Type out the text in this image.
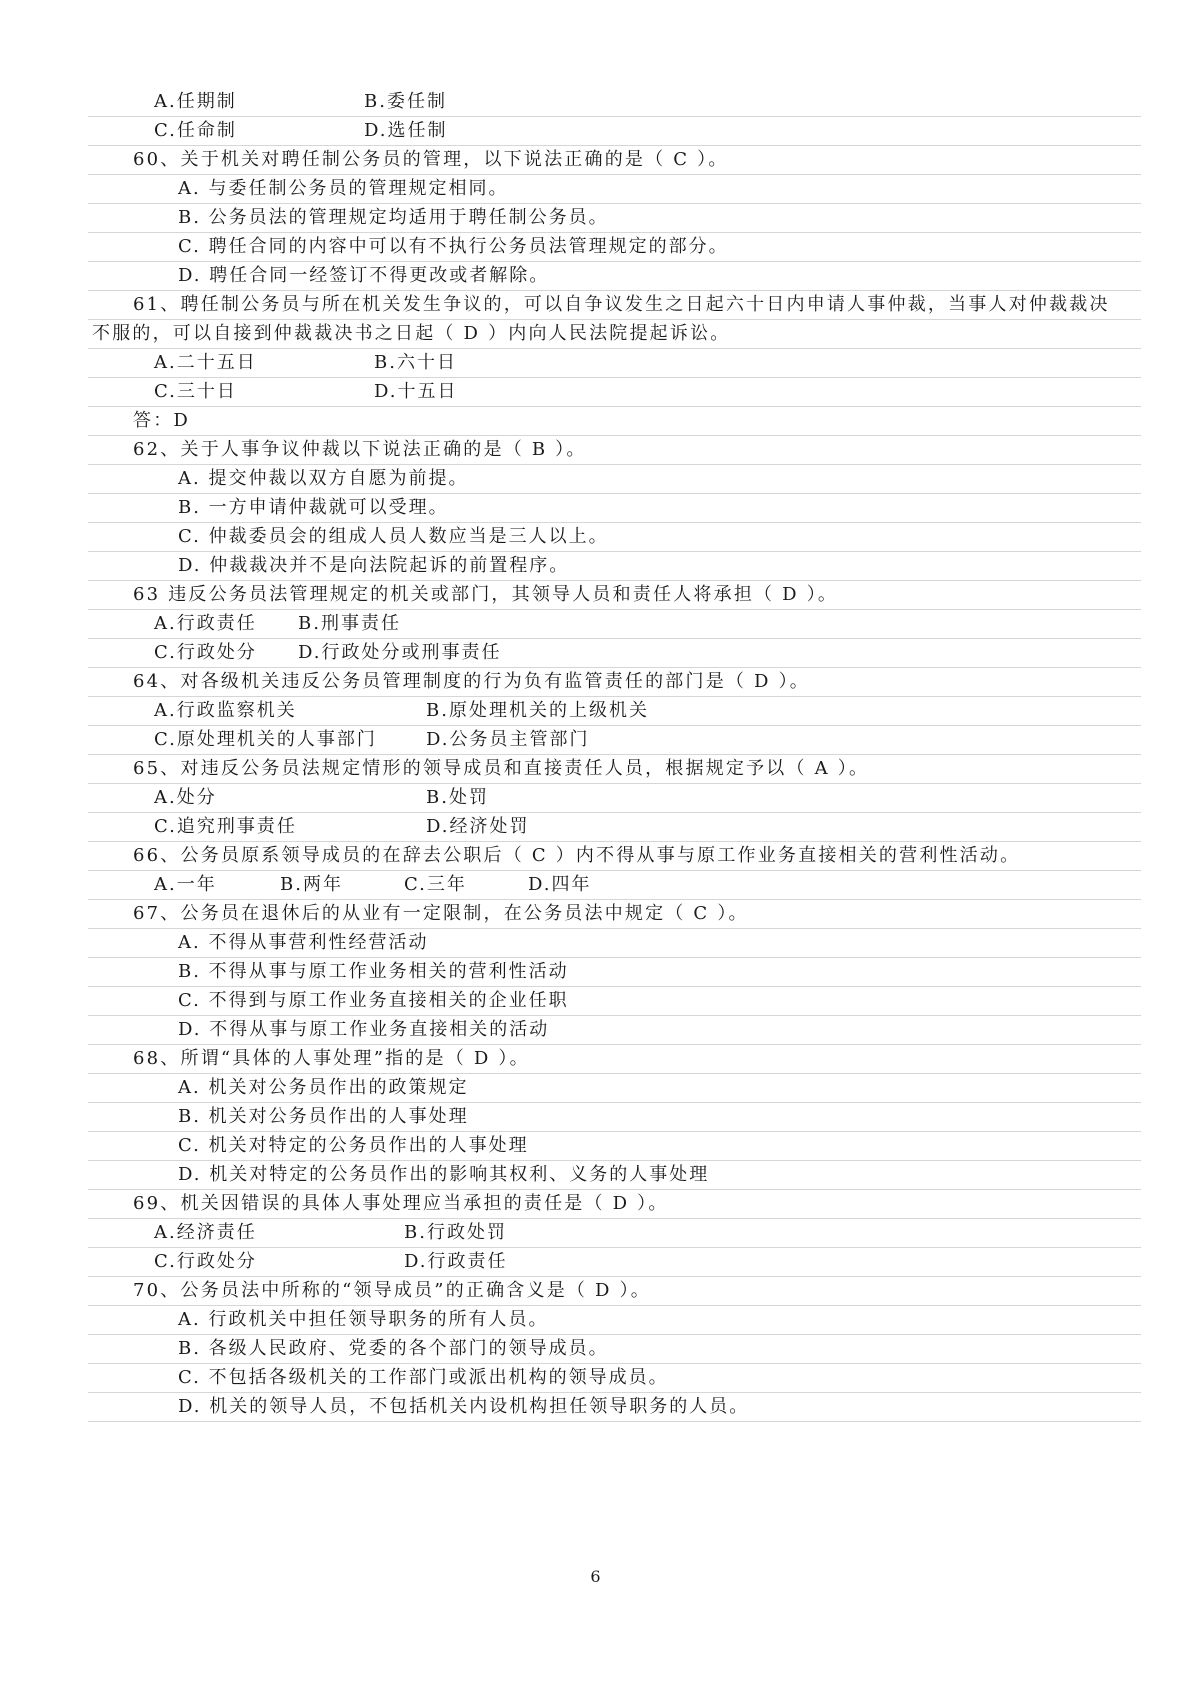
A.任期制	B.委任制
C.任命制	D.选任制
60、关于机关对聘任制公务员的管理，以下说法正确的是（ C ）。
A. 与委任制公务员的管理规定相同。
B. 公务员法的管理规定均适用于聘任制公务员。
C. 聘任合同的内容中可以有不执行公务员法管理规定的部分。
D. 聘任合同一经签订不得更改或者解除。
61、聘任制公务员与所在机关发生争议的，可以自争议发生之日起六十日内申请人事仲裁，当事人对仲裁裁决
不服的，可以自接到仲裁裁决书之日起（ D ）内向人民法院提起诉讼。
A.二十五日	B.六十日
C.三十日	D.十五日
答：D
62、关于人事争议仲裁以下说法正确的是（ B ）。
A. 提交仲裁以双方自愿为前提。
B. 一方申请仲裁就可以受理。
C. 仲裁委员会的组成人员人数应当是三人以上。
D. 仲裁裁决并不是向法院起诉的前置程序。
63 违反公务员法管理规定的机关或部门，其领导人员和责任人将承担（ D ）。
A.行政责任 B.刑事责任
C.行政处分 D.行政处分或刑事责任
64、对各级机关违反公务员管理制度的行为负有监管责任的部门是（ D ）。
A.行政监察机关	B.原处理机关的上级机关
C.原处理机关的人事部门	D.公务员主管部门
65、对违反公务员法规定情形的领导成员和直接责任人员，根据规定予以（ A ）。
A.处分	B.处罚
C.追究刑事责任	D.经济处罚
66、公务员原系领导成员的在辞去公职后（ C ）内不得从事与原工作业务直接相关的营利性活动。
A.一年	B.两年	C.三年	D.四年
67、公务员在退休后的从业有一定限制，在公务员法中规定（ C ）。
A. 不得从事营利性经营活动
B. 不得从事与原工作业务相关的营利性活动
C. 不得到与原工作业务直接相关的企业任职
D. 不得从事与原工作业务直接相关的活动
68、所谓“具体的人事处理”指的是（ D ）。
A. 机关对公务员作出的政策规定
B. 机关对公务员作出的人事处理
C. 机关对特定的公务员作出的人事处理
D. 机关对特定的公务员作出的影响其权利、义务的人事处理
69、机关因错误的具体人事处理应当承担的责任是（ D ）。
A.经济责任	B.行政处罚
C.行政处分	D.行政责任
70、公务员法中所称的“领导成员”的正确含义是（ D ）。
A. 行政机关中担任领导职务的所有人员。
B. 各级人民政府、党委的各个部门的领导成员。
C. 不包括各级机关的工作部门或派出机构的领导成员。
D. 机关的领导人员，不包括机关内设机构担任领导职务的人员。
6
